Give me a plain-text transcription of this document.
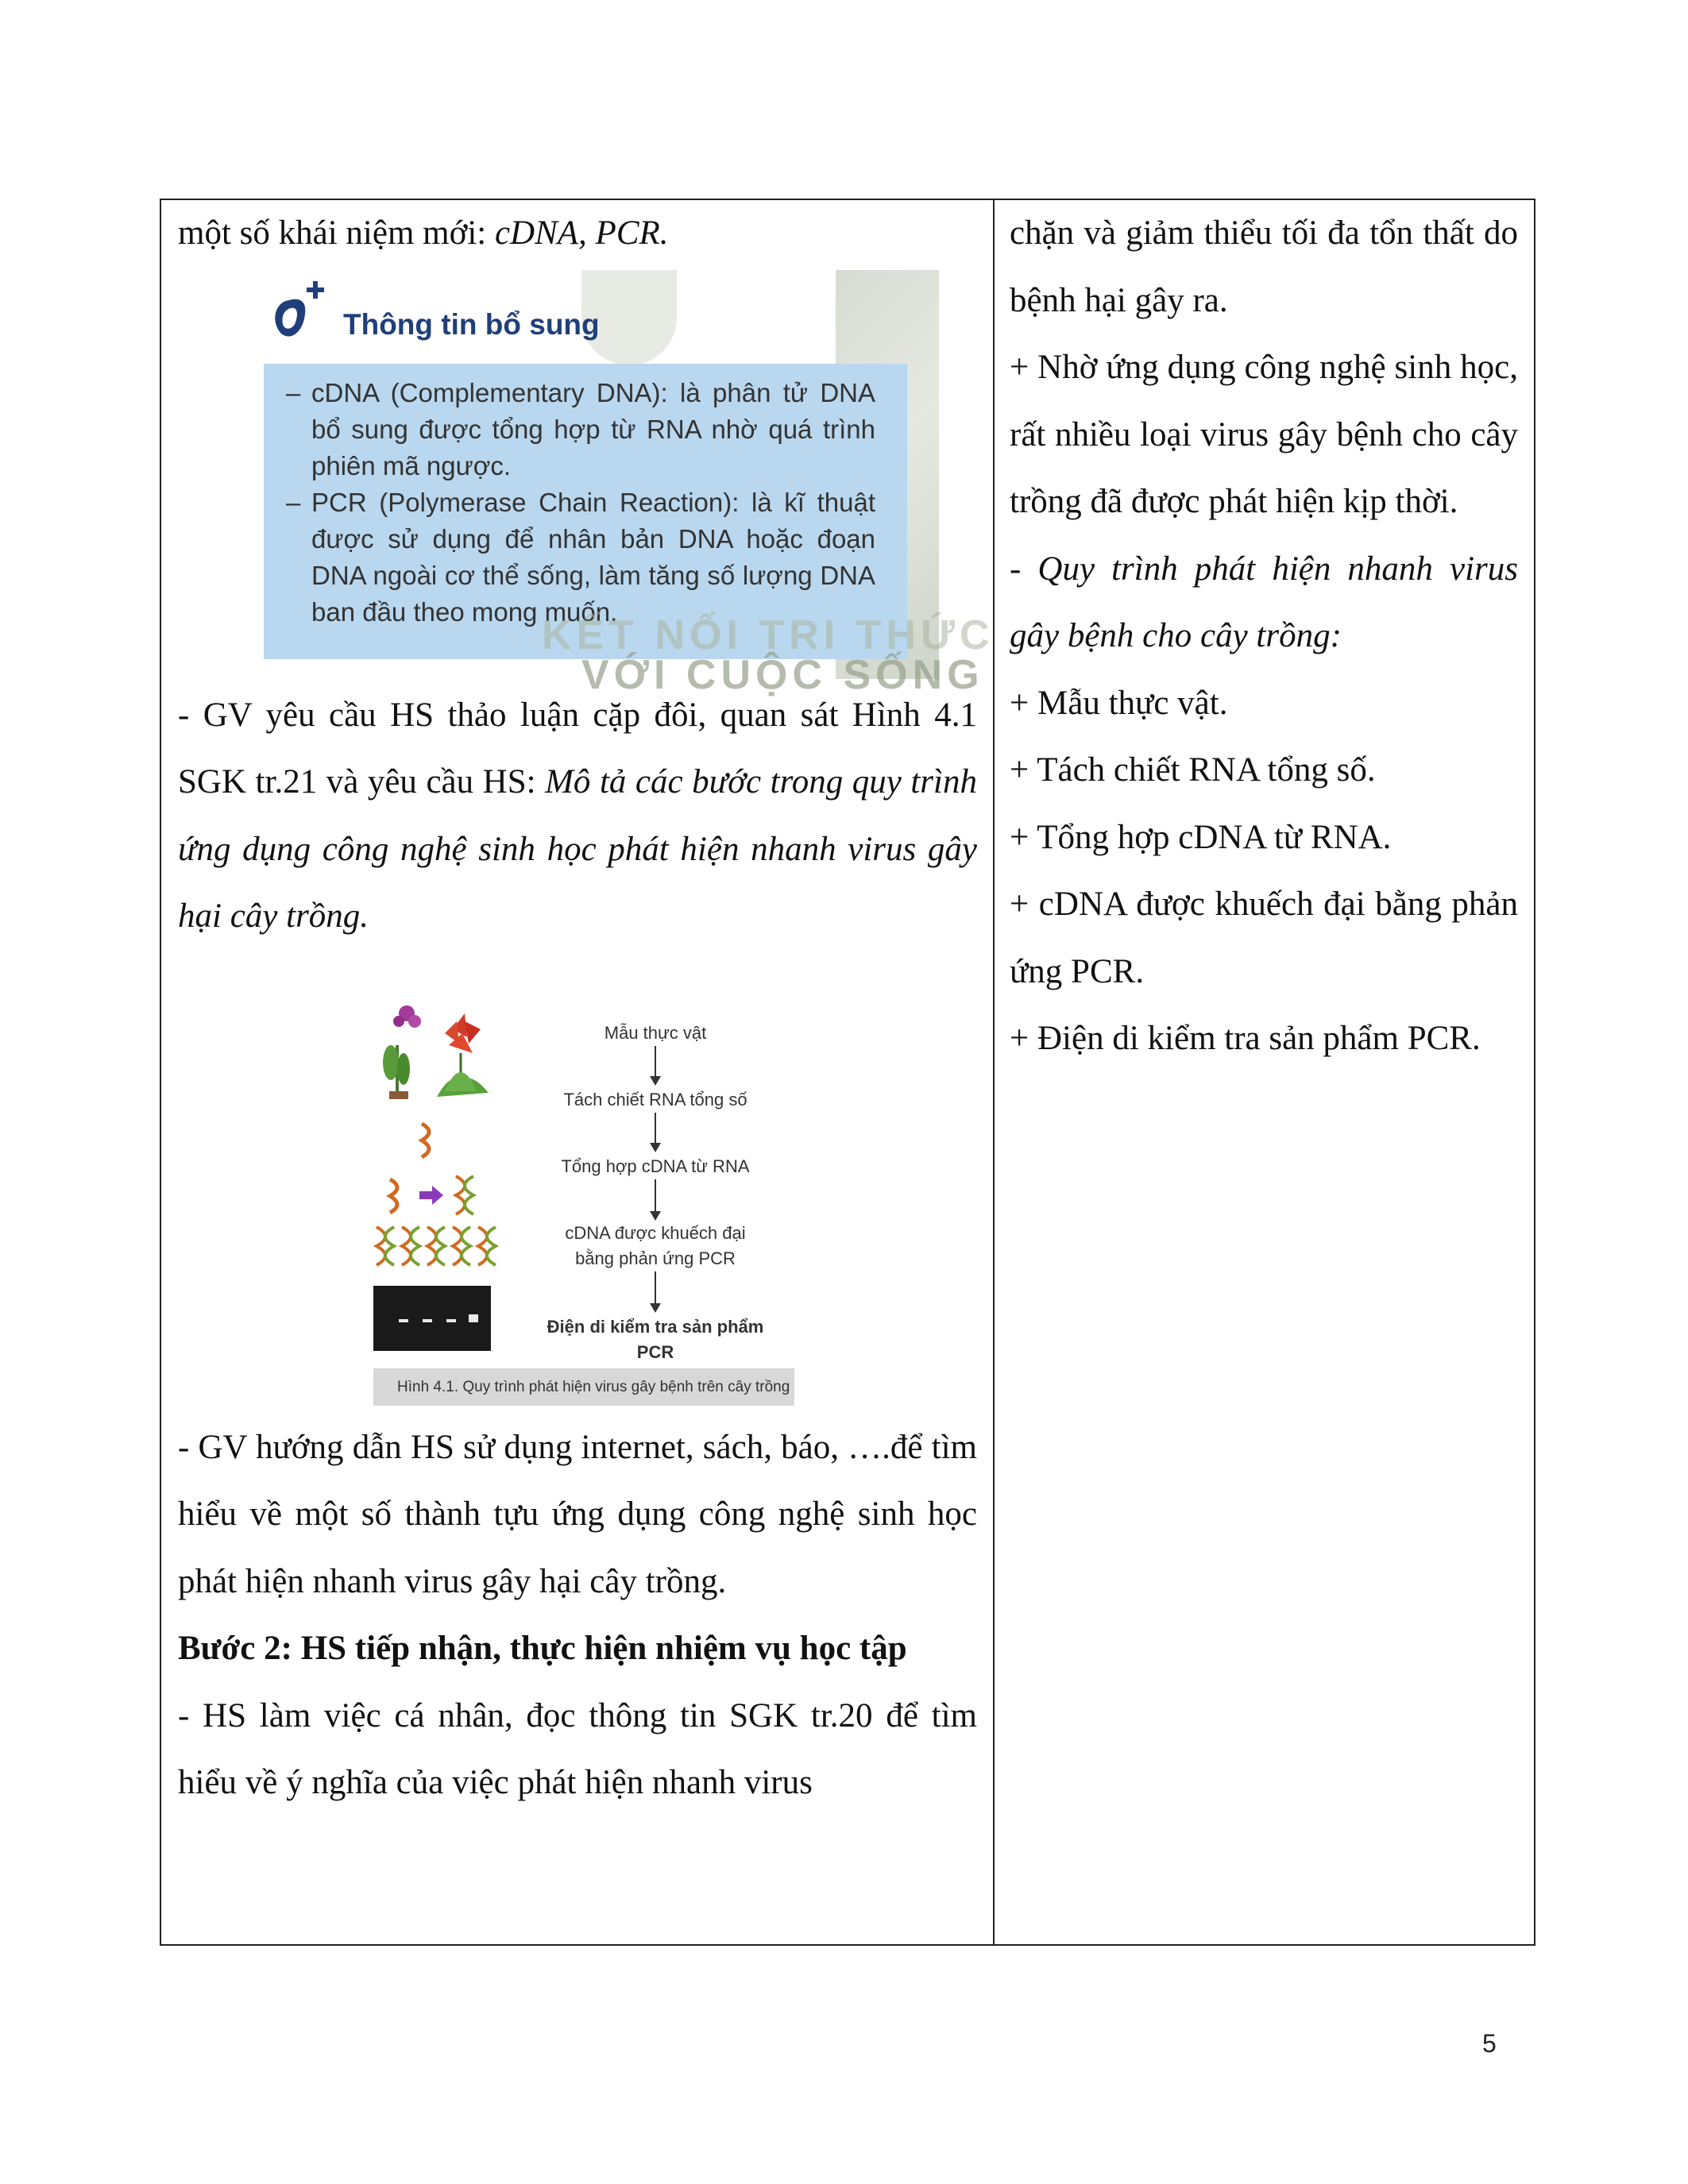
một số khái niệm mới: cDNA, PCR.

Thông tin bổ sung
– cDNA (Complementary DNA): là phân tử DNA bổ sung được tổng hợp từ RNA nhờ quá trình phiên mã ngược.
– PCR (Polymerase Chain Reaction): là kĩ thuật được sử dụng để nhân bản DNA hoặc đoạn DNA ngoài cơ thể sống, làm tăng số lượng DNA ban đầu theo mong muốn.
KẾT NỐI TRI THỨC
VỚI CUỘC SỐNG

- GV yêu cầu HS thảo luận cặp đôi, quan sát Hình 4.1 SGK tr.21 và yêu cầu HS: Mô tả các bước trong quy trình ứng dụng công nghệ sinh học phát hiện nhanh virus gây hại cây trồng.

Mẫu thực vật
Tách chiết RNA tổng số
Tổng hợp cDNA từ RNA
cDNA được khuếch đại bằng phản ứng PCR
Điện di kiểm tra sản phẩm PCR
Hình 4.1. Quy trình phát hiện virus gây bệnh trên cây trồng

- GV hướng dẫn HS sử dụng internet, sách, báo, ….để tìm hiểu về một số thành tựu ứng dụng công nghệ sinh học phát hiện nhanh virus gây hại cây trồng.

Bước 2: HS tiếp nhận, thực hiện nhiệm vụ học tập

- HS làm việc cá nhân, đọc thông tin SGK tr.20 để tìm hiểu về ý nghĩa của việc phát hiện nhanh virus

chặn và giảm thiểu tối đa tổn thất do bệnh hại gây ra.

+ Nhờ ứng dụng công nghệ sinh học, rất nhiều loại virus gây bệnh cho cây trồng đã được phát hiện kịp thời.

- Quy trình phát hiện nhanh virus gây bệnh cho cây trồng:

+ Mẫu thực vật.

+ Tách chiết RNA tổng số.

+ Tổng hợp cDNA từ RNA.

+ cDNA được khuếch đại bằng phản ứng PCR.

+ Điện di kiểm tra sản phẩm PCR.

5
